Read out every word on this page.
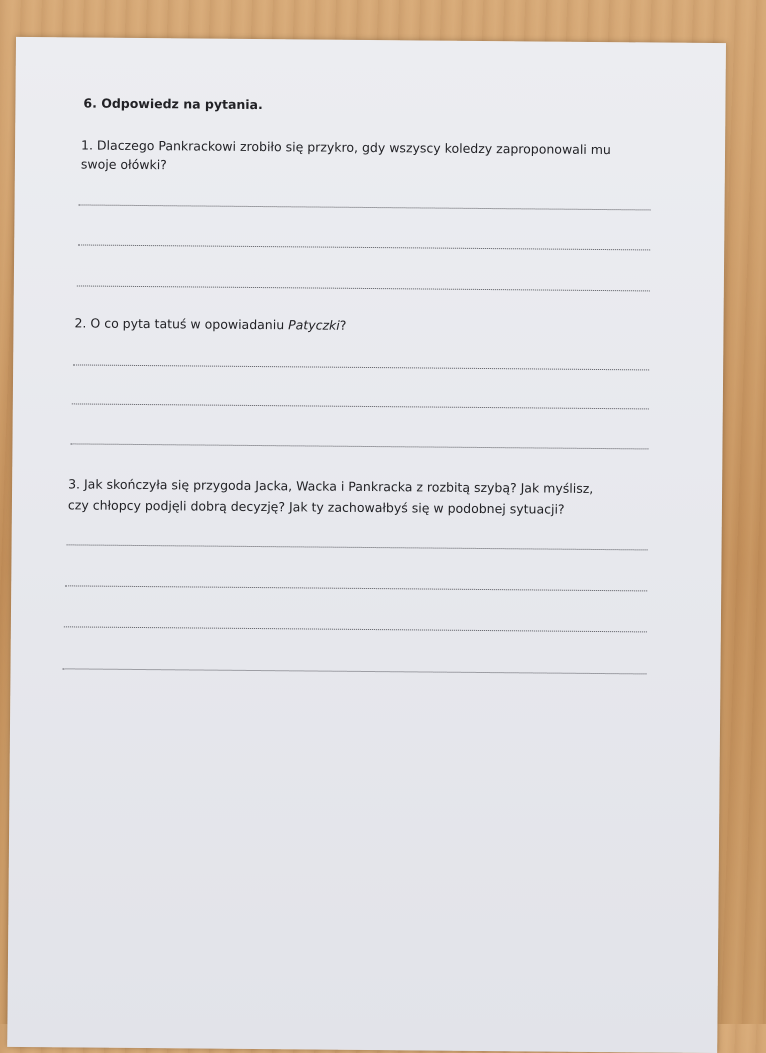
6. Odpowiedz na pytania.
1. Dlaczego Pankrackowi zrobiło się przykro, gdy wszyscy koledzy zaproponowali mu
swoje ołówki?
2. O co pyta tatuś w opowiadaniu Patyczki?
3. Jak skończyła się przygoda Jacka, Wacka i Pankracka z rozbitą szybą? Jak myślisz,
czy chłopcy podjęli dobrą decyzję? Jak ty zachowałbyś się w podobnej sytuacji?
